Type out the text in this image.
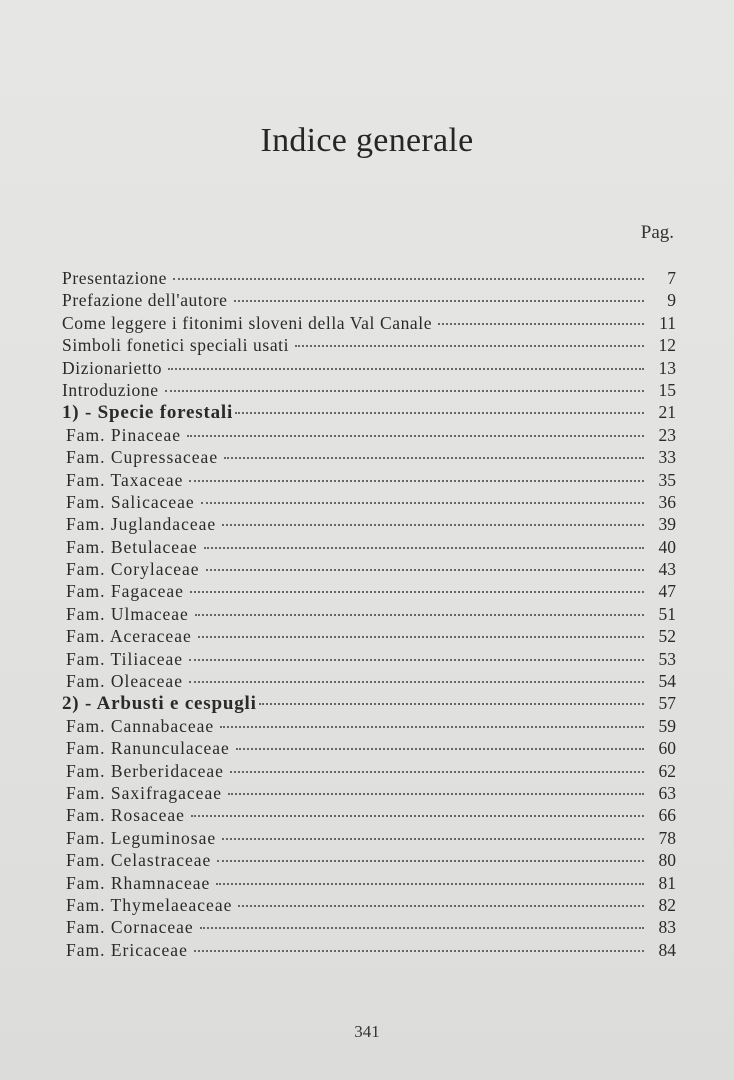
Indice generale
Pag.
Presentazione	7
Prefazione dell'autore	9
Come leggere i fitonimi sloveni della Val Canale	11
Simboli fonetici speciali usati	12
Dizionarietto	13
Introduzione	15
1) - Specie forestali	21
Fam. Pinaceae	23
Fam. Cupressaceae	33
Fam. Taxaceae	35
Fam. Salicaceae	36
Fam. Juglandaceae	39
Fam. Betulaceae	40
Fam. Corylaceae	43
Fam. Fagaceae	47
Fam. Ulmaceae	51
Fam. Aceraceae	52
Fam. Tiliaceae	53
Fam. Oleaceae	54
2) - Arbusti e cespugli	57
Fam. Cannabaceae	59
Fam. Ranunculaceae	60
Fam. Berberidaceae	62
Fam. Saxifragaceae	63
Fam. Rosaceae	66
Fam. Leguminosae	78
Fam. Celastraceae	80
Fam. Rhamnaceae	81
Fam. Thymelaeaceae	82
Fam. Cornaceae	83
Fam. Ericaceae	84
341
